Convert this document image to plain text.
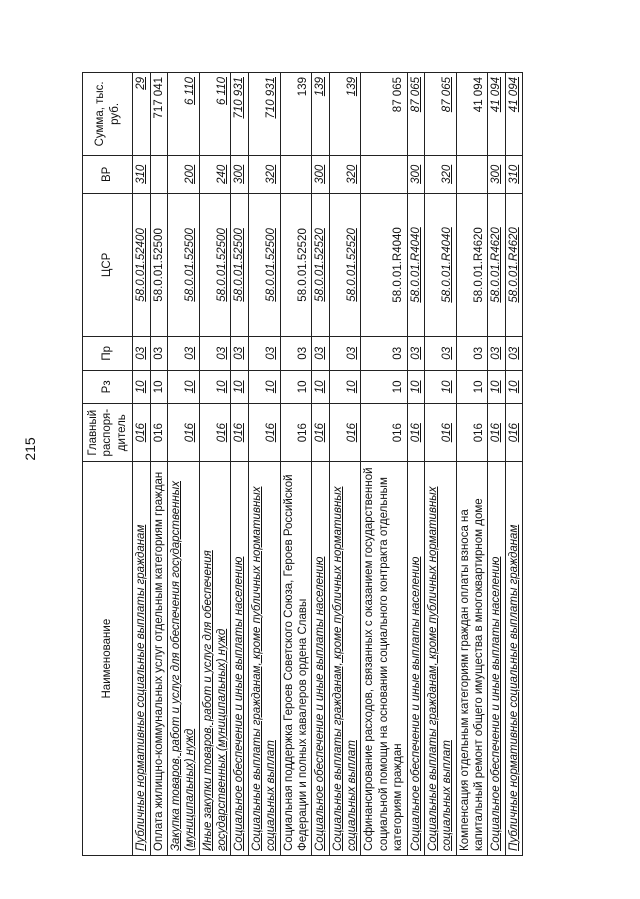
215
Наименование	Главный распоря- дитель	Рз	Пр	ЦСР	ВР	Сумма, тыс. руб.
Публичные нормативные социальные выплаты гражданам	016	10	03	58.0.01.52400	310	29
Оплата жилищно-коммунальных услуг отдельным категориям граждан	016	10	03	58.0.01.52500		717 041
Закупка товаров, работ и услуг для обеспечения государственных (муниципальных) нужд	016	10	03	58.0.01.52500	200	6 110
Иные закупки товаров, работ и услуг для обеспечения государственных (муниципальных) нужд	016	10	03	58.0.01.52500	240	6 110
Социальное обеспечение и иные выплаты населению	016	10	03	58.0.01.52500	300	710 931
Социальные выплаты гражданам, кроме публичных нормативных социальных выплат	016	10	03	58.0.01.52500	320	710 931
Социальная поддержка Героев Советского Союза, Героев Российской Федерации и полных кавалеров ордена Славы	016	10	03	58.0.01.52520		139
Социальное обеспечение и иные выплаты населению	016	10	03	58.0.01.52520	300	139
Социальные выплаты гражданам, кроме публичных нормативных социальных выплат	016	10	03	58.0.01.52520	320	139
Софинансирование расходов, связанных с оказанием государственной социальной помощи на основании социального контракта отдельным категориям граждан	016	10	03	58.0.01.R4040		87 065
Социальное обеспечение и иные выплаты населению	016	10	03	58.0.01.R4040	300	87 065
Социальные выплаты гражданам, кроме публичных нормативных социальных выплат	016	10	03	58.0.01.R4040	320	87 065
Компенсация отдельным категориям граждан оплаты взноса на капитальный ремонт общего имущества в многоквартирном доме	016	10	03	58.0.01.R4620		41 094
Социальное обеспечение и иные выплаты населению	016	10	03	58.0.01.R4620	300	41 094
Публичные нормативные социальные выплаты гражданам	016	10	03	58.0.01.R4620	310	41 094
